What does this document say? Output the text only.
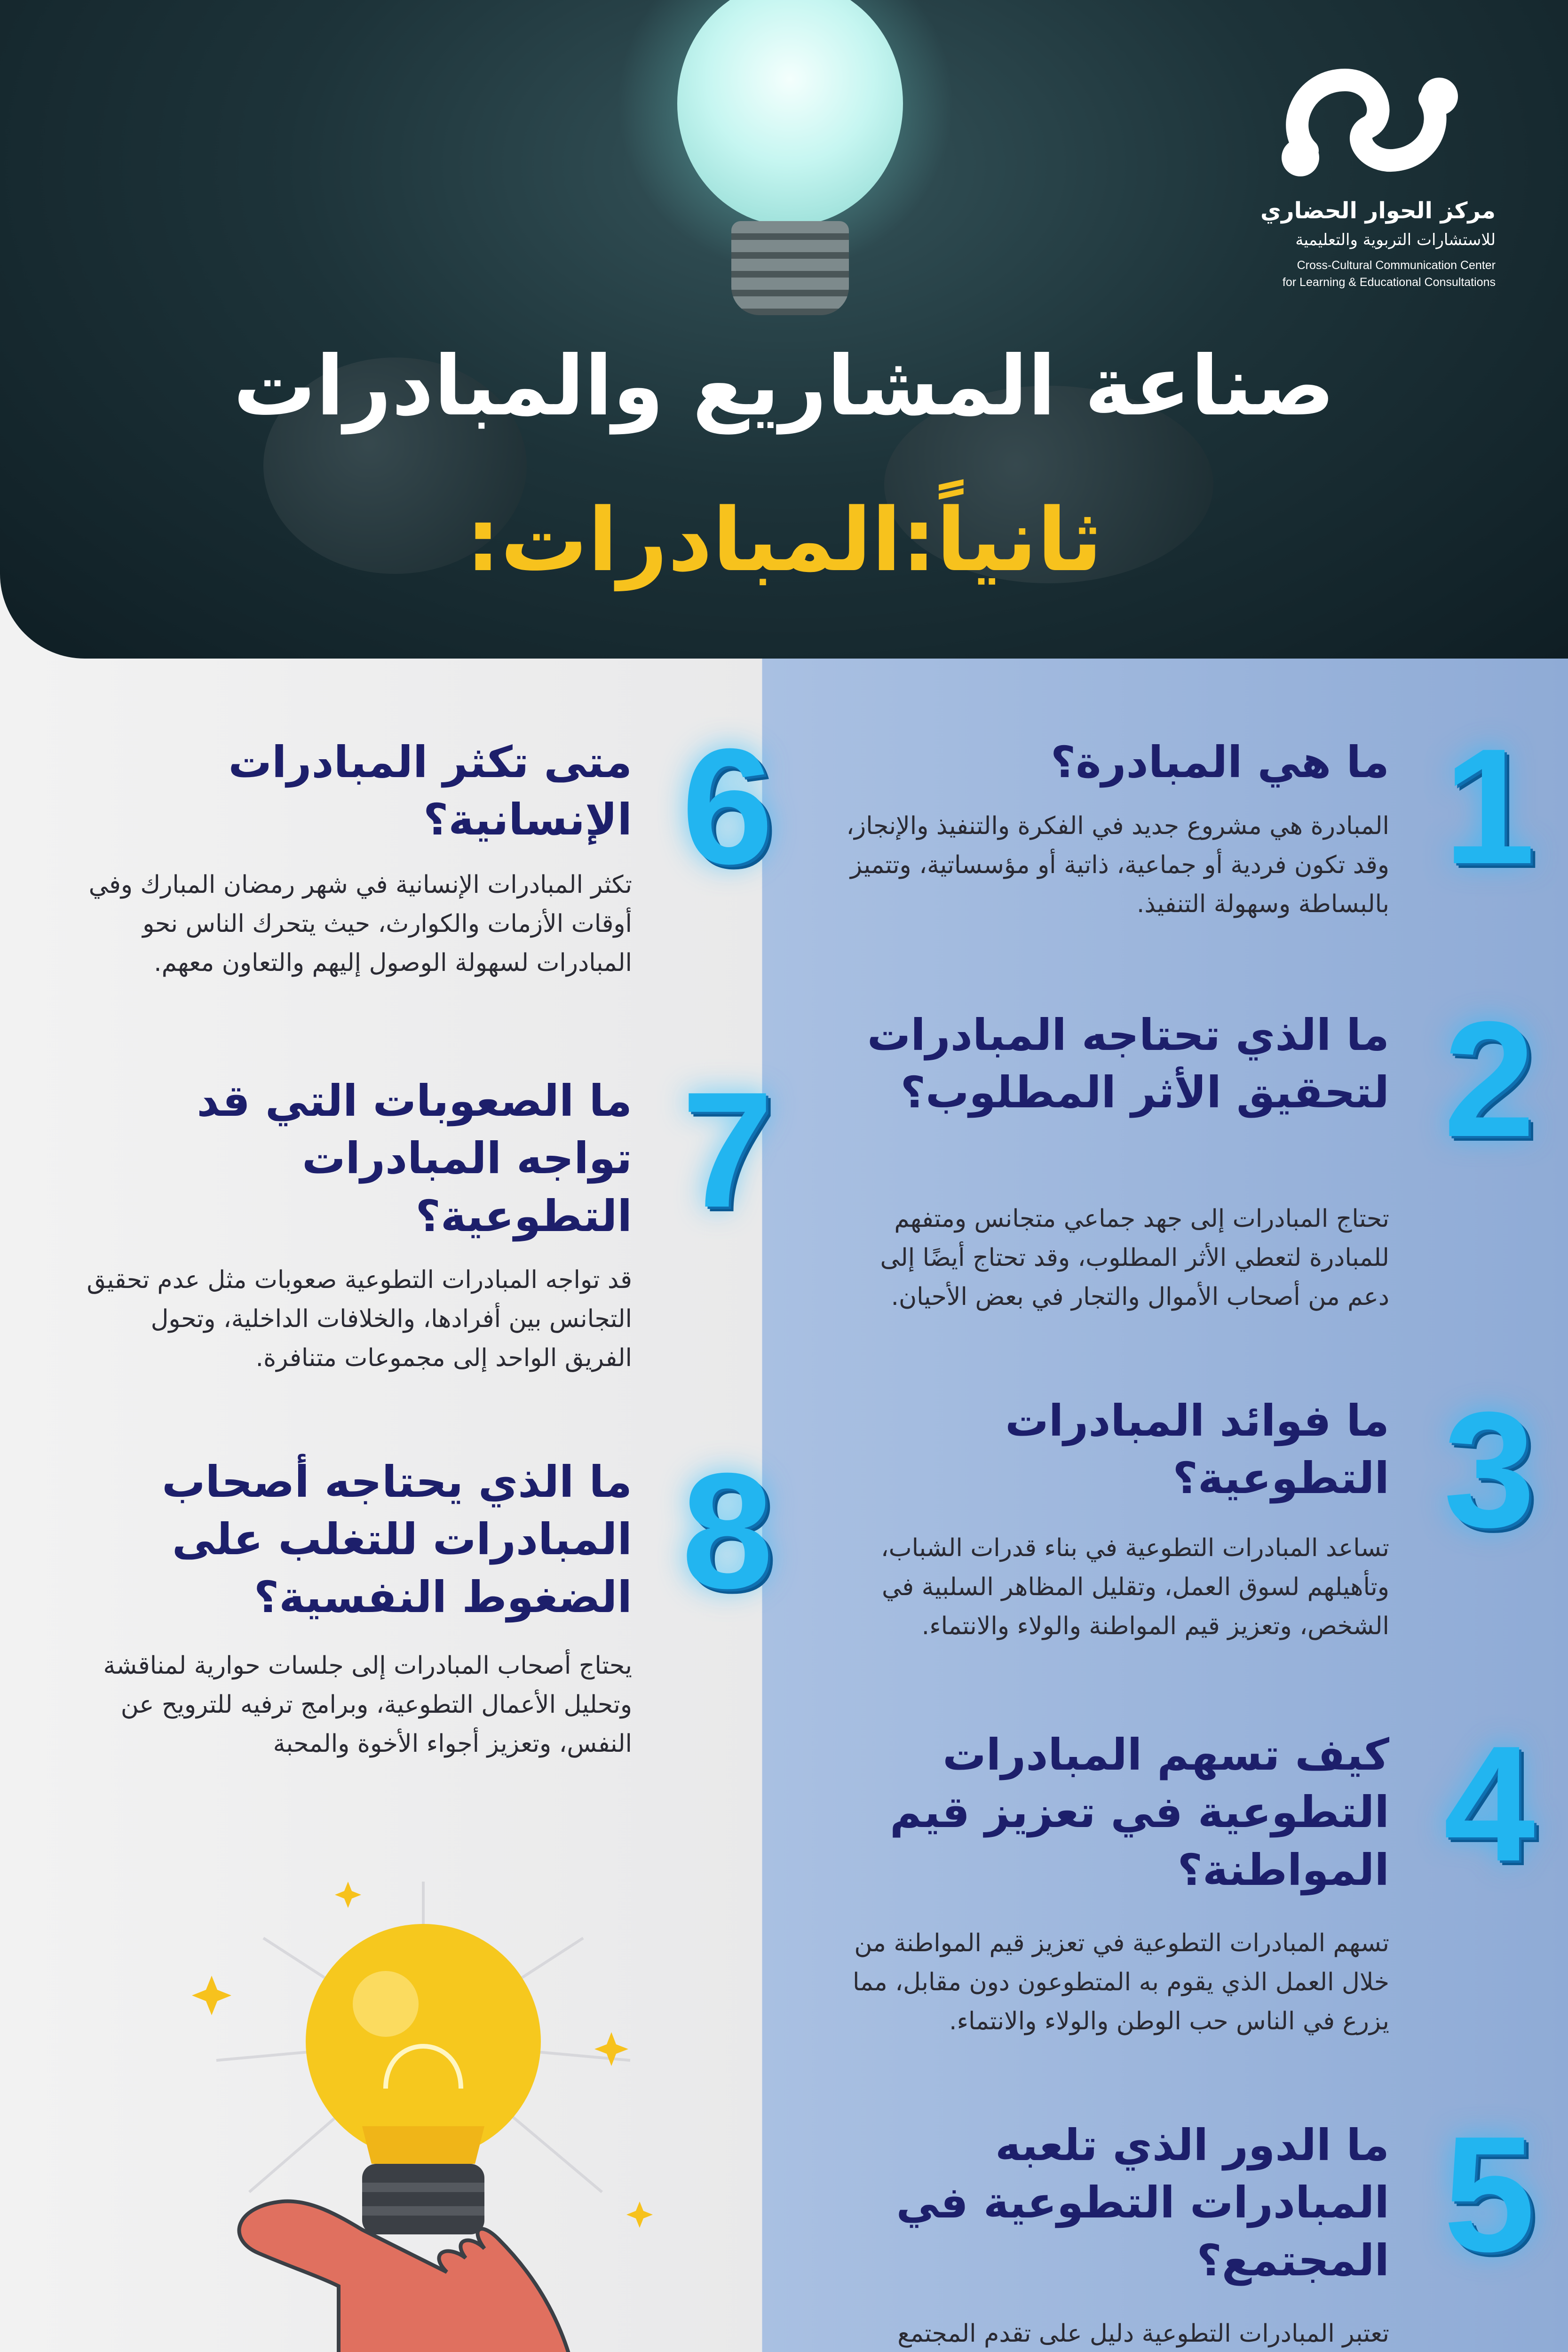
مركز الحوار الحضاري
للاستشارات التربوية والتعليمية
Cross-Cultural Communication Center
for Learning & Educational Consultations
صناعة المشاريع والمبادرات
ثانياً:المبادرات:
1
ما هي المبادرة؟
المبادرة هي مشروع جديد في الفكرة والتنفيذ والإنجاز، وقد تكون فردية أو جماعية، ذاتية أو مؤسساتية، وتتميز بالبساطة وسهولة التنفيذ.
2
ما الذي تحتاجه المبادرات لتحقيق الأثر المطلوب؟
تحتاج المبادرات إلى جهد جماعي متجانس ومتفهم للمبادرة لتعطي الأثر المطلوب، وقد تحتاج أيضًا إلى دعم من أصحاب الأموال والتجار في بعض الأحيان.
3
ما فوائد المبادرات التطوعية؟
تساعد المبادرات التطوعية في بناء قدرات الشباب، وتأهيلهم لسوق العمل، وتقليل المظاهر السلبية في الشخص، وتعزيز قيم المواطنة والولاء والانتماء.
4
كيف تسهم المبادرات التطوعية في تعزيز قيم المواطنة؟
تسهم المبادرات التطوعية في تعزيز قيم المواطنة من خلال العمل الذي يقوم به المتطوعون دون مقابل، مما يزرع في الناس حب الوطن والولاء والانتماء.
5
ما الدور الذي تلعبه المبادرات التطوعية في المجتمع؟
تعتبر المبادرات التطوعية دليل على تقدم المجتمع
6
متى تكثر المبادرات الإنسانية؟
تكثر المبادرات الإنسانية في شهر رمضان المبارك وفي أوقات الأزمات والكوارث، حيث يتحرك الناس نحو المبادرات لسهولة الوصول إليهم والتعاون معهم.
7
ما الصعوبات التي قد تواجه المبادرات التطوعية؟
قد تواجه المبادرات التطوعية صعوبات مثل عدم تحقيق التجانس بين أفرادها، والخلافات الداخلية، وتحول الفريق الواحد إلى مجموعات متنافرة.
8
ما الذي يحتاجه أصحاب المبادرات للتغلب على الضغوط النفسية؟
يحتاج أصحاب المبادرات إلى جلسات حوارية لمناقشة وتحليل الأعمال التطوعية، وبرامج ترفيه للترويح عن النفس، وتعزيز أجواء الأخوة والمحبة
